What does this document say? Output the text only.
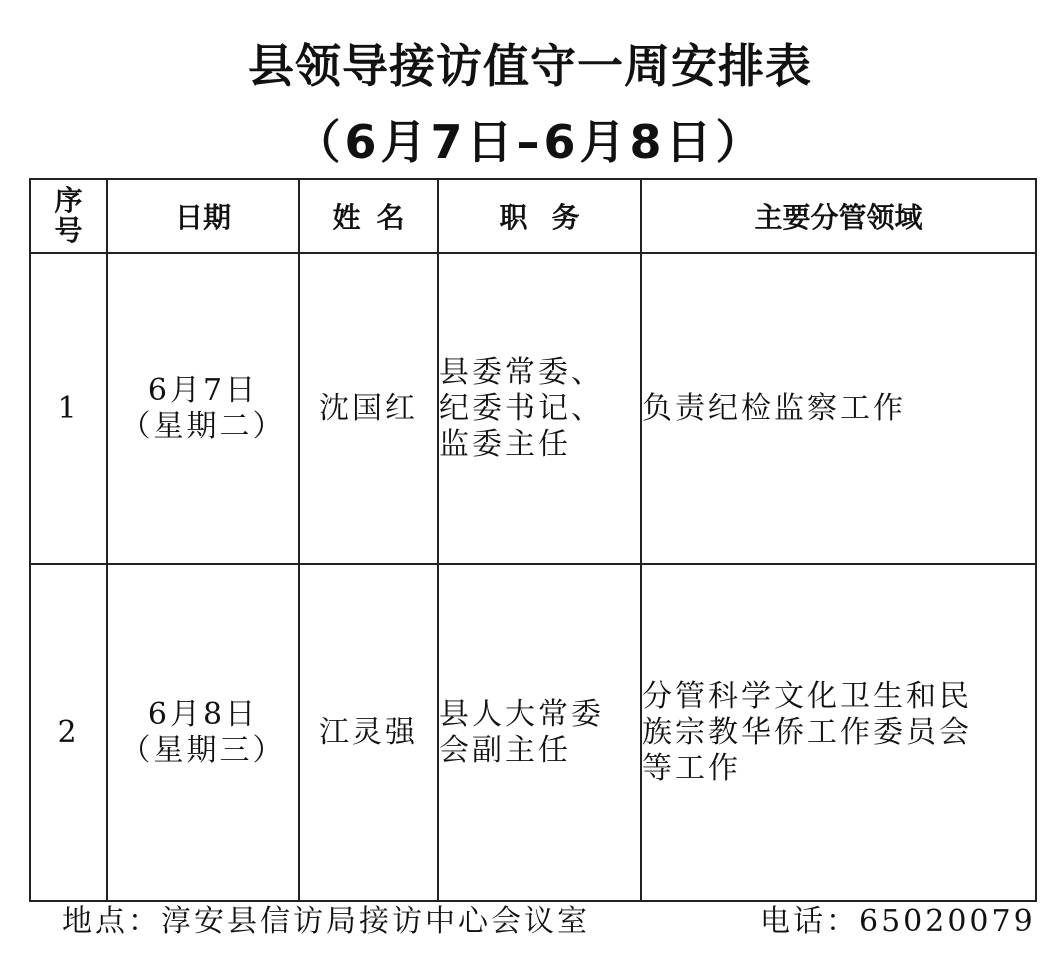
县领导接访值守一周安排表
（6月7日–6月8日）
序
号	日期	姓 名	职 务	主要分管领域
1	6月7日
（星期二）	沈国红	县委常委、
纪委书记、
监委主任	负责纪检监察工作

2	6月8日
（星期三）	江灵强	县人大常委
会副主任	分管科学文化卫生和民
族宗教华侨工作委员会
等工作
地点：淳安县信访局接访中心会议室	电话：65020079
